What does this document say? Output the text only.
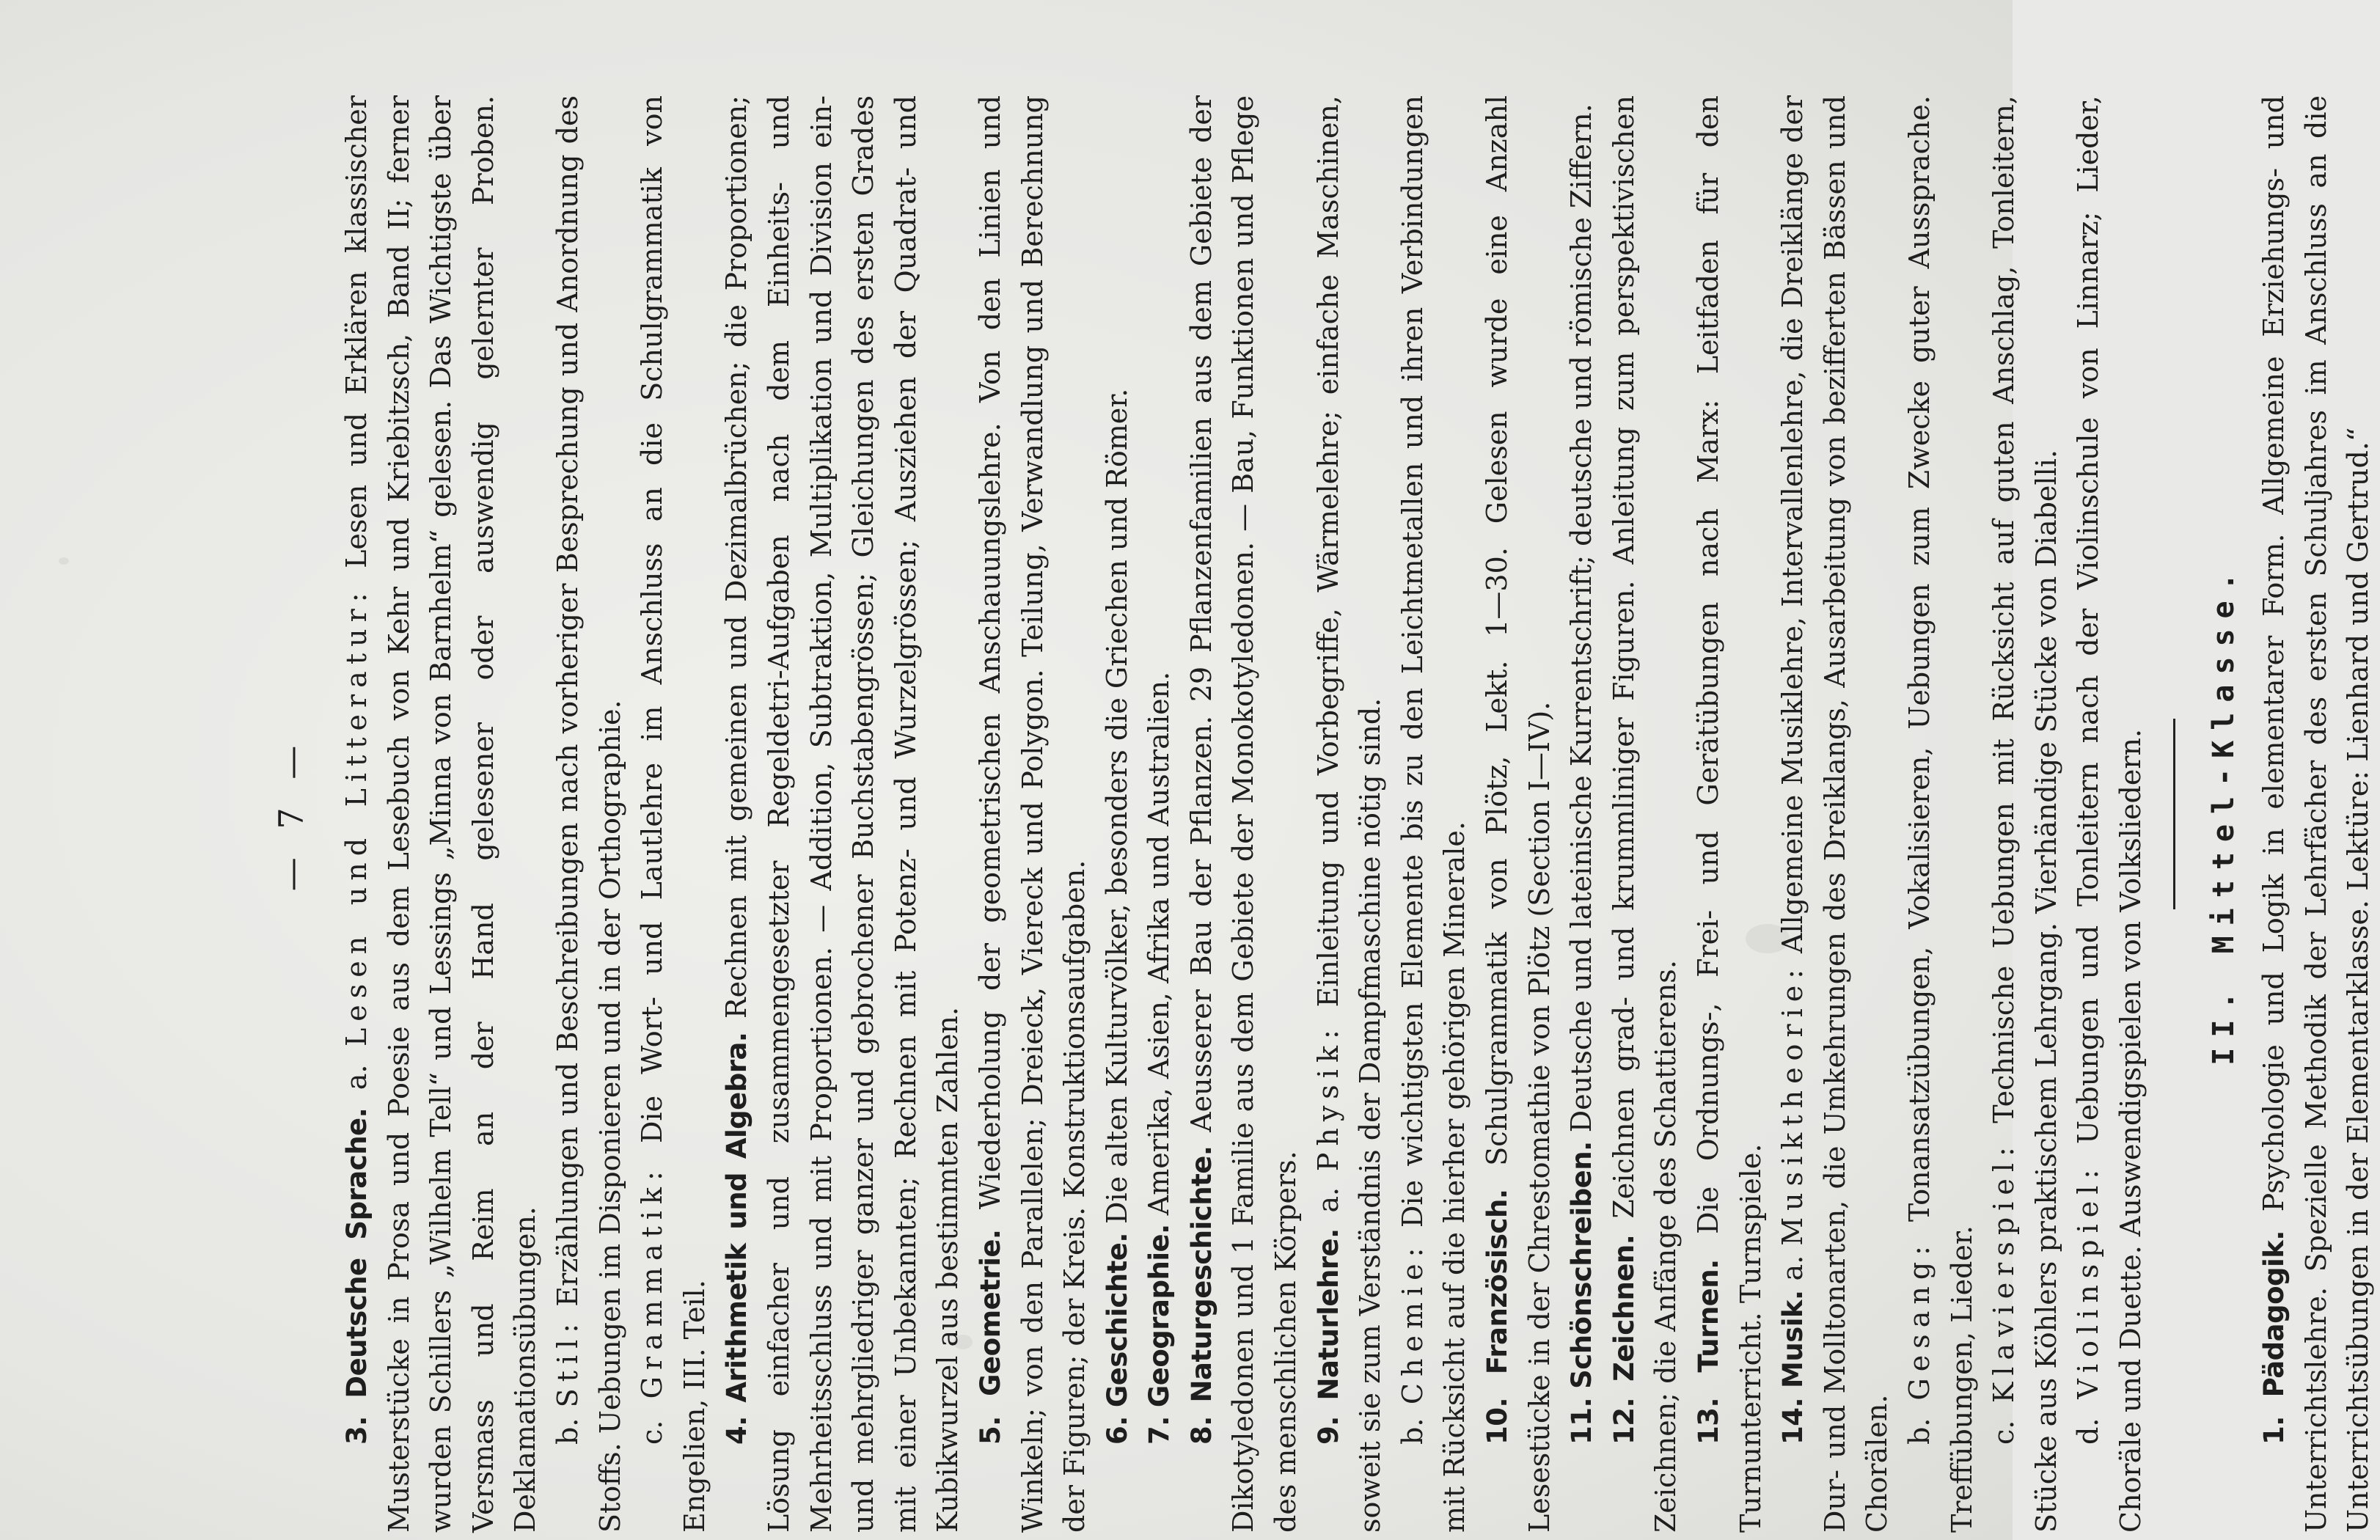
— 7 —

3. Deutsche Sprache. a. Lesen und Litteratur: Lesen und Erklären klassischer Musterstücke in Prosa und Poesie aus dem Lesebuch von Kehr und Kriebitzsch, Band II; ferner wurden Schillers „Wilhelm Tell“ und Lessings „Minna von Barnhelm“ gelesen. Das Wichtigste über Versmass und Reim an der Hand gelesener oder auswendig gelernter Proben. Deklamationsübungen. b. Stil: Erzählungen und Beschreibungen nach vorheriger Besprechung und Anordnung des Stoffs. Uebungen im Disponieren und in der Orthographie. c. Grammatik: Die Wort- und Lautlehre im Anschluss an die Schulgrammatik von Engelien, III. Teil. 4. Arithmetik und Algebra. Rechnen mit gemeinen und Dezimalbrüchen; die Proportionen; Lösung einfacher und zusammengesetzter Regeldetri-Aufgaben nach dem Einheits- und Mehrheitsschluss und mit Proportionen. — Addition, Subtraktion, Multiplikation und Division ein- und mehrgliedriger ganzer und gebrochener Buchstabengrössen; Gleichungen des ersten Grades mit einer Unbekannten; Rechnen mit Potenz- und Wurzelgrössen; Ausziehen der Quadrat- und Kubikwurzel aus bestimmten Zahlen. 5. Geometrie. Wiederholung der geometrischen Anschauungslehre. Von den Linien und Winkeln; von den Parallelen; Dreieck, Viereck und Polygon. Teilung, Verwandlung und Berechnung der Figuren; der Kreis. Konstruktionsaufgaben. 6. Geschichte. Die alten Kulturvölker, besonders die Griechen und Römer.

7. Geographie. Amerika, Asien, Afrika und Australien.

8. Naturgeschichte. Aeusserer Bau der Pflanzen. 29 Pflanzenfamilien aus dem Gebiete der Dikotyledonen und 1 Familie aus dem Gebiete der Monokotyledonen. — Bau, Funktionen und Pflege des menschlichen Körpers. 9. Naturlehre. a. Physik: Einleitung und Vorbegriffe, Wärmelehre; einfache Maschinen, soweit sie zum Verständnis der Dampfmaschine nötig sind. b. Chemie: Die wichtigsten Elemente bis zu den Leichtmetallen und ihren Verbindungen mit Rücksicht auf die hierher gehörigen Minerale. 10. Französisch. Schulgrammatik von Plötz, Lekt. 1—30. Gelesen wurde eine Anzahl Lesestücke in der Chrestomathie von Plötz (Section I—IV). 11. Schönschreiben. Deutsche und lateinische Kurrentschrift; deutsche und römische Ziffern.

12. Zeichnen. Zeichnen grad- und krummliniger Figuren. Anleitung zum perspektivischen Zeichnen; die Anfänge des Schattierens. 13. Turnen. Die Ordnungs-, Frei- und Gerätübungen nach Marx: Leitfaden für den Turnunterricht. Turnspiele. 14. Musik. a. Musiktheorie: Allgemeine Musiklehre, Intervallenlehre, die Dreiklänge der Dur- und Molltonarten, die Umkehrungen des Dreiklangs, Ausarbeitung von bezifferten Bässen und Chorälen. b. Gesang: Tonansatzübungen, Vokalisieren, Uebungen zum Zwecke guter Aussprache. Treffübungen, Lieder. c. Klavierspiel: Technische Uebungen mit Rücksicht auf guten Anschlag, Tonleitern, Stücke aus Köhlers praktischem Lehrgang. Vierhändige Stücke von Diabelli. d. Violinspiel: Uebungen und Tonleitern nach der Violinschule von Linnarz; Lieder, Choräle und Duette. Auswendigspielen von Volksliedern.	II. Mittel-Klasse.

1. Pädagogik. Psychologie und Logik in elementarer Form. Allgemeine Erziehungs- und Unterrichtslehre. Spezielle Methodik der Lehrfächer des ersten Schuljahres im Anschluss an die Unterrichtsübungen in der Elementarklasse. Lektüre: Lienhard und Gertrud.“
